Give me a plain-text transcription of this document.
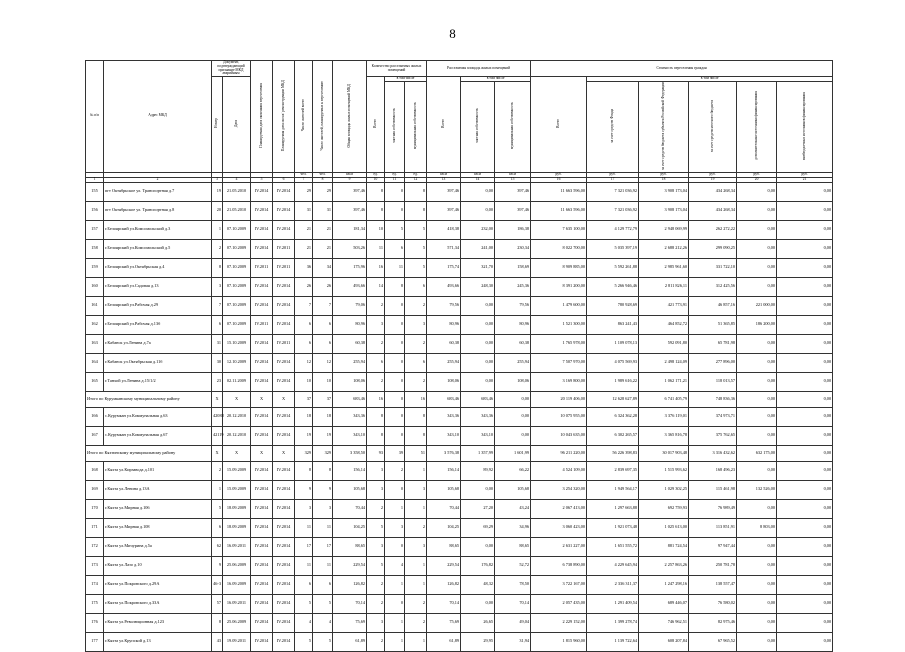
8
№ п/п	Адрес МКД	Документ, подтверждающий признание МКД аварийным		Планируемая дата окончания переселения	Планируемая дата сноса/ реконструкции МКД	Число жителей всего	Число жителей, планируемых к переселению	Общая площадь жилых помещений МКД	Количество расселяемых жилых помещений			Расселяемая площадь жилых помещений			Стоимость переселения граждан					
		Номер	Дата						Всего	в том числе		Всего	в том числе		Всего	в том числе				
										частная собственность	муниципальная собственность		частная собственность	муниципальная собственность		за счет средств Фонда	за счет средств бюджета субъекта Российской Федерации	за счет средств местного бюджета	дополнительные источники финансирования	внебюджетных источников финансирования
						чел.	чел.	кв.м	ед.	ед.	ед.	кв.м	кв.м	кв.м	руб.	руб.	руб.	руб.	руб.	руб.
1	2	3	4	5	6	7	8	9	10	11	12	13	14	15	16	17	18	19	20	21
155	пгт Октябрьское ул. Транспортная д.7	19	21.05.2010	IV.2014	IV.2014	29	29	397,46	8	0	8	397,46	0,00	397,46	11 663 596,00	7 321 036,92	3 908 173,04	434 268,34	0,00	0,00
156	пгт Октябрьское ул. Транспортная д.8	20	21.05.2010	IV.2014	IV.2014	31	31	397,46	8	0	8	397,46	0,00	397,46	11 663 596,00	7 321 036,92	3 908 173,04	434 268,34	0,00	0,00
157	г.Белоярский ул.Комсомольский д.3	1	07.10.2009	IV.2014	IV.2014	21	21	181,34	10	5	5	418,38	232,00	186,38	7 635 100,00	4 129 772,79	2 948 069,99	262 272,22	0,00	0,00
158	г.Белоярский ул.Комсомольский д.5	2	07.10.2009	IV.2014	IV.2011	21	21	503,26	11	6	5	571,34	241,00	230,34	8 022 700,00	5 035 397,19	2 688 212,26	299 090,25	0,00	0,00
159	г.Белоярский ул.Октябрьская д.4	8	07.10.2009	IV.2011	IV.2011	36	34	175,96	16	11	5	175,74	321,70	158,69	8 909 885,00	5 592 261,88	2 985 961,60	331 722,10	0,00	0,00
160	г.Белоярский ул.Садовая д.13	3	07.10.2009	IV.2014	IV.2014	26	26	493,66	14	8	6	493,66	248,30	245,36	8 391 200,00	5 266 946,46	2 811 826,11	312 425,56	0,00	0,00
161	г.Белоярский ул.Рабочая д.29	7	07.10.2009	IV.2014	IV.2014	7	7	79,06	2	0	2	79,56	0,00	79,56	1 479 600,00	780 928,69	421 773,91	46 857,16	221 000,00	0,00
162	г.Белоярский ул.Рабочая д.13б	6	07.10.2009	IV.2011	IV.2014	6	6	80,96	3	0	3	80,96	0,00	80,96	1 521 300,00	863 241,43	464 852,72	51 365,85	186 200,00	0,00
163	г.Кабанск ул.Ленина д.7а	31	15.10.2009	IV.2014	IV.2011	6	6	60,38	2	0	2	60,38	0,00	60,38	1 765 978,00	1 109 078,13	592 091,80	65 781,98	0,00	0,00
164	г.Кабанск ул.Октябрьская д.11б	30	12.10.2009	IV.2014	IV.2014	12	12	255,94	6	0	6	255,94	0,00	255,94	7 507 970,00	4 075 569,93	2 498 124,09	277 896,00	0,00	0,00
165	г.Танхой ул.Ленина д.15/1/2	23	02.11.2009	IV.2014	IV.2014	10	10	108,06	2	0	2	108,06	0,00	108,06	3 169 800,00	1 989 616,22	1 062 171,21	118 013,57	0,00	0,00
Итого по Курумканскому муниципальному району		X	X	X	X	37	37	683,46	16	0	16	683,46	683,46	0,00	20 119 406,00	12 628 627,89	6 741 405,79	748 836,36	0,00	0,00
166	с.Курумкан ул.Коммунальная д.63	42088	20.12.2010	IV.2014	IV.2014	18	18	343,36	8	0	8	343,36	343,36	0,00	10 075 955,00	6 324 362,28	3 376 119,01	374 973,71	0,00	0,00
167	с.Курумкан ул.Коммунальная д.67	42119	20.12.2010	IV.2014	IV.2014	19	19	343,10	8	0	8	343,10	343,10	0,00	10 043 635,00	6 302 265,57	3 365 816,78	375 762,65	0,00	0,00
Итого по Кяхтинскому муниципальному району		X	X	X	X	329	329	3 358,50	93	39	51	3 576,38	1 357,99	1 601,99	96 211 220,00	56 226 398,83	30 017 903,48	3 316 432,62	632 175,00	0,00
168	г.Кяхта ул.Кирзавода д.101	2	15.09.2009	IV.2014	IV.2014	8	8	156,14	3	2	1	156,14	89,92	66,22	4 524 109,00	2 839 697,35	1 515 993,62	168 496,23	0,00	0,00
169	г.Кяхта ул.Ленина д.13А	1	15.09.2009	IV.2014	IV.2014	9	9	105,68	3	0	3	105,68	0,00	105,68	3 254 320,00	1 949 564,17	1 029 302,25	115 461,98	132 526,00	0,00
170	г.Кяхта ул.Мирная д.106	5	18.09.2009	IV.2014	IV.2014	3	3	70,44	2	1	1	70,44	27,20	43,24	2 067 413,00	1 297 663,88	692 759,93	76 989,49	0,00	0,00
171	г.Кяхта ул.Мирная д.108	6	18.09.2009	IV.2014	IV.2014	11	11	104,25	5	3	2	104,25	69,29	34,96	3 060 423,00	1 921 073,48	1 025 613,00	113 851,91	8 803,00	0,00
172	г.Кяхта ул.Мичурина д.5а	62	16.09.2011	IV.2014	IV.2014	17	17	88,65	3	0	3	88,65	0,00	88,65	2 631 227,00	1 651 555,72	881 724,54	97 947,44	0,00	0,00
173	г.Кяхта ул.Лазо д.10	9	25.06.2009	IV.2014	IV.2014	11	11	229,54	5	4	1	229,54	176,82	52,72	6 738 890,00	4 229 645,94	2 257 863,26	250 781,78	0,00	0,00
174	г.Кяхта ул.Покровского д.29А	46-3	16.09.2009	IV.2014	IV.2014	6	6	126,82	2	1	1	126,82	48,32	78,50	3 722 167,00	2 336 311,37	1 247 298,16	138 557,47	0,00	0,00
175	г.Кяхта ул.Покровского д.33А	57	16.09.2011	IV.2014	IV.2014	5	5	70,14	2	0	2	70,14	0,00	70,14	2 057 435,00	1 291 409,54	689 446,07	76 580,02	0,00	0,00
176	г.Кяхта ул.Революционная д.123	8	25.06.2009	IV.2014	IV.2014	4	4	75,69	3	1	2	75,69	26,65	49,04	2 229 152,00	1 399 278,74	746 962,51	82 975,46	0,00	0,00
177	г.Кяхта ул.Крупской д.13	43	19.09.2011	IV.2014	IV.2014	5	5	61,89	2	1	1	61,89	29,95	31,94	1 815 960,00	1 139 722,64	608 207,84	67 965,52	0,00	0,00
